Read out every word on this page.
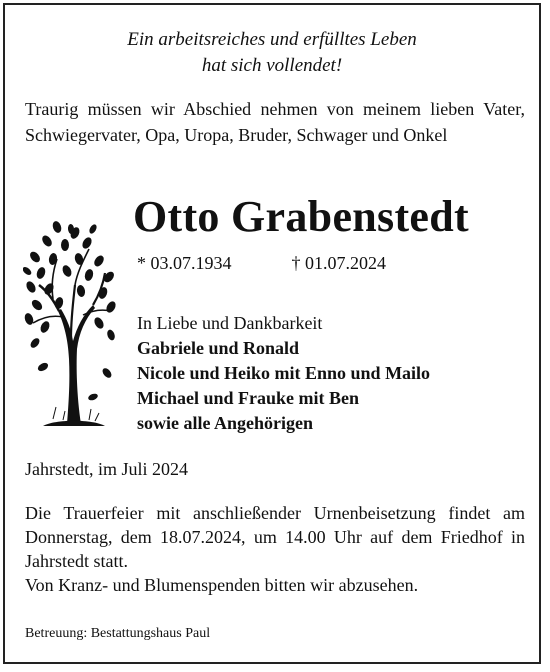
Ein arbeitsreiches und erfülltes Leben
hat sich vollendet!
Traurig müssen wir Abschied nehmen von meinem lieben Vater, Schwiegervater, Opa, Uropa, Bruder, Schwager und Onkel
Otto Grabenstedt
* 03.07.1934	† 01.07.2024
In Liebe und Dankbarkeit
Gabriele und Ronald
Nicole und Heiko mit Enno und Mailo
Michael und Frauke mit Ben
sowie alle Angehörigen
Jahrstedt, im Juli 2024
Die Trauerfeier mit anschließender Urnenbeisetzung findet am Donnerstag, dem 18.07.2024, um 14.00 Uhr auf dem Friedhof in Jahrstedt statt.
Von Kranz- und Blumenspenden bitten wir abzusehen.
Betreuung: Bestattungshaus Paul
